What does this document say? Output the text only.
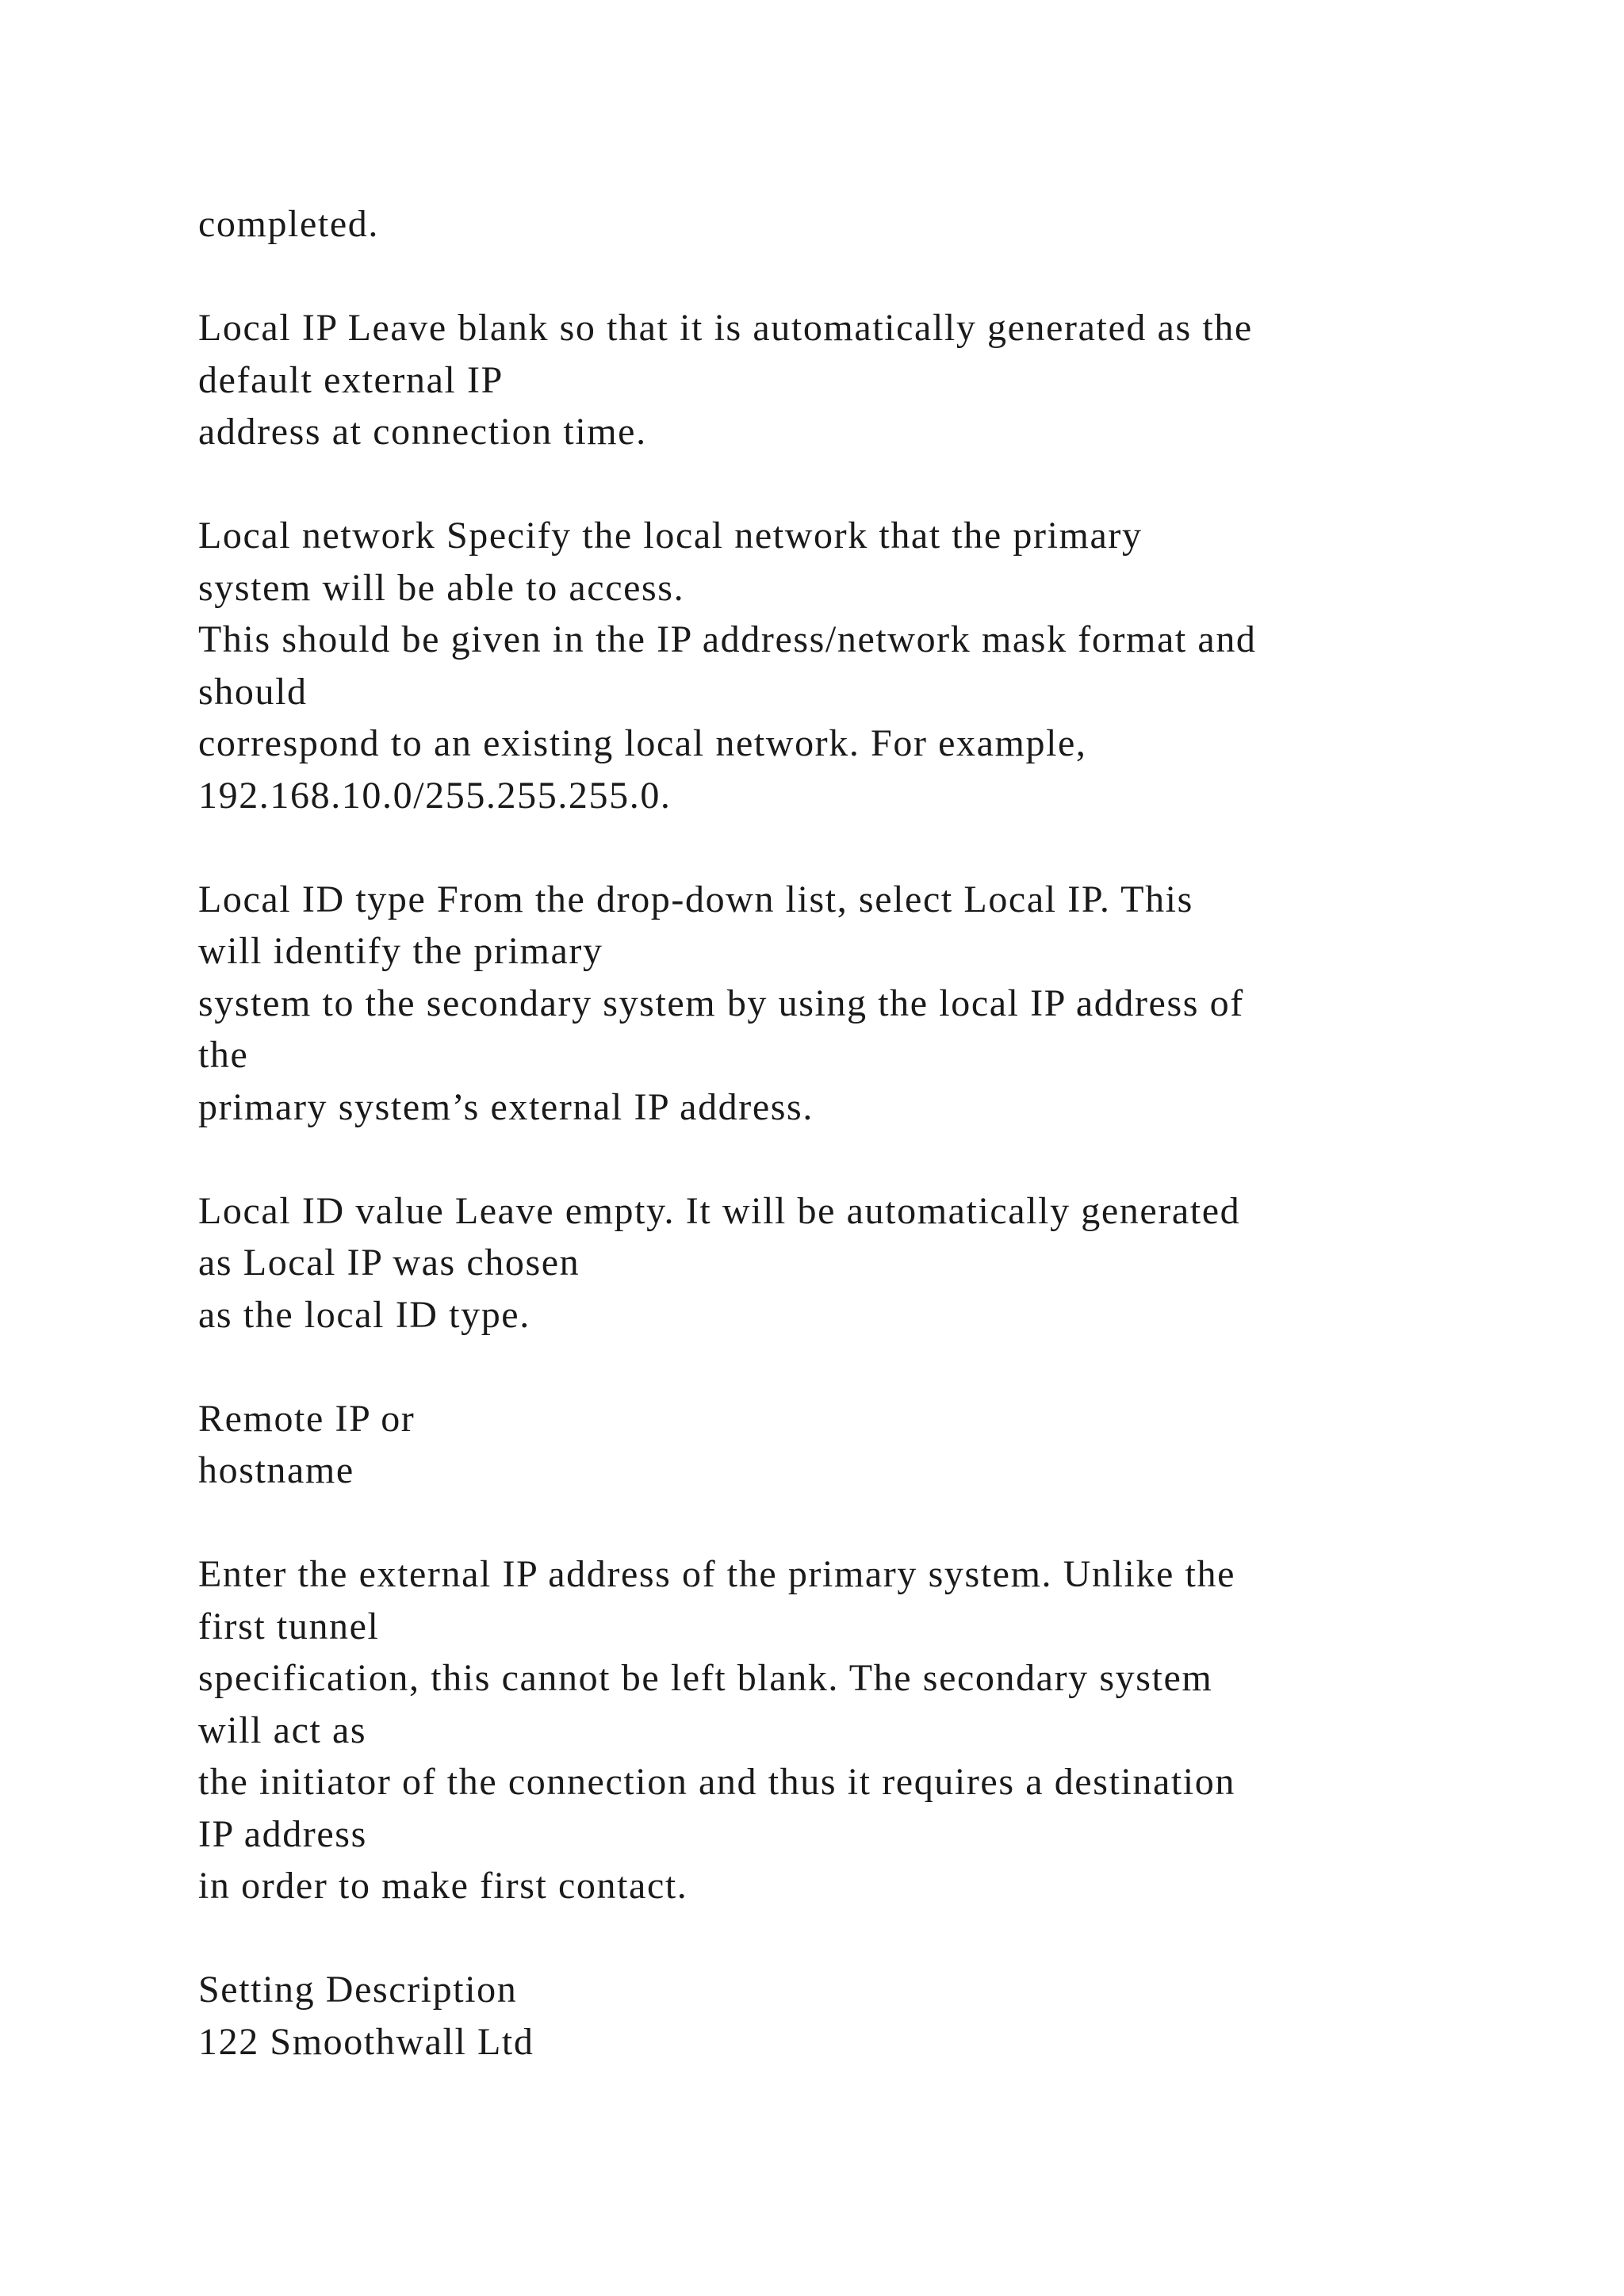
completed.
Local IP Leave blank so that it is automatically generated as the
default external IP
address at connection time.
Local network Specify the local network that the primary
system will be able to access.
This should be given in the IP address/network mask format and
should
correspond to an existing local network. For example,
192.168.10.0/255.255.255.0.
Local ID type From the drop-down list, select Local IP. This
will identify the primary
system to the secondary system by using the local IP address of
the
primary system’s external IP address.
Local ID value Leave empty. It will be automatically generated
as Local IP was chosen
as the local ID type.
Remote IP or
hostname
Enter the external IP address of the primary system. Unlike the
first tunnel
specification, this cannot be left blank. The secondary system
will act as
the initiator of the connection and thus it requires a destination
IP address
in order to make first contact.
Setting Description
122 Smoothwall Ltd
